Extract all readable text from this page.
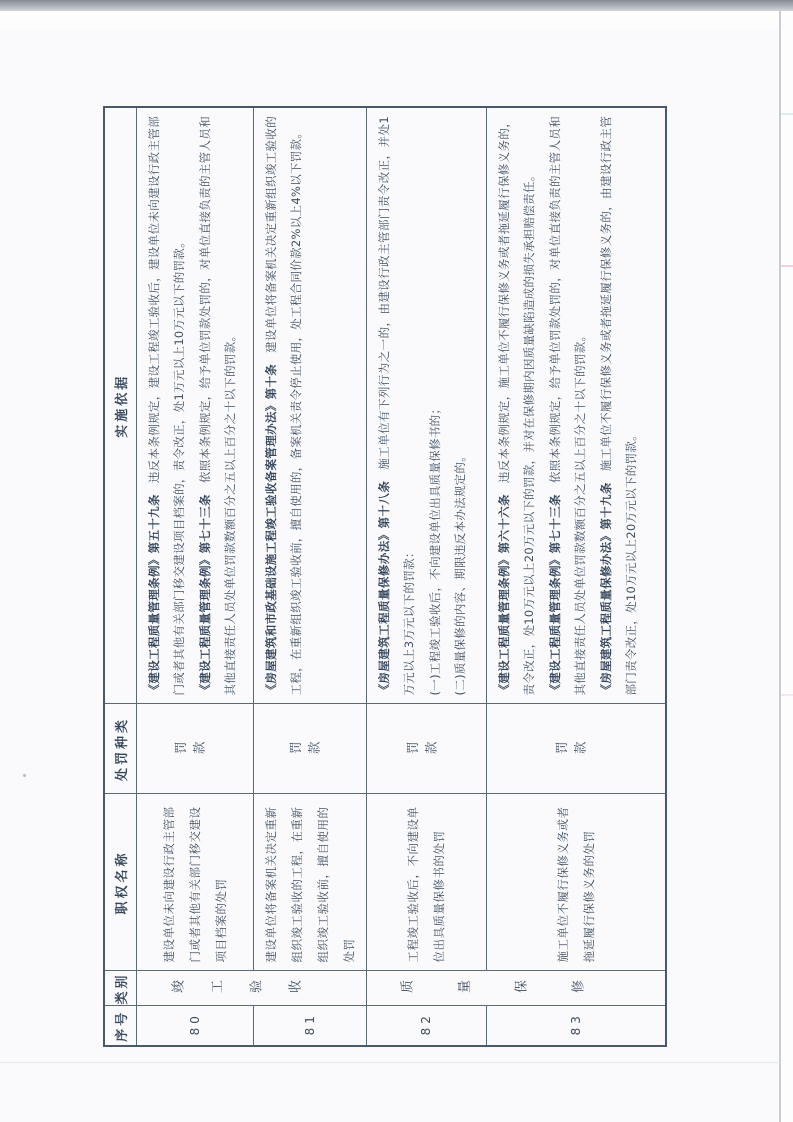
序号	类别	职权名称	处罚种类	实施依据
80	竣工验收	建设单位未向建设行政主管部门或者其他有关部门移交建设项目档案的处罚	罚款	《建设工程质量管理条例》第五十九条违反本条例规定，建设工程竣工验收后，建设单位未向建设行政主管部门或者其他有关部门移交建设项目档案的，责令改正，处1万元以上10万元以下的罚款。 《建设工程质量管理条例》第七十三条依照本条例规定，给予单位罚款处罚的，对单位直接负责的主管人员和其他直接责任人员处单位罚款数额百分之五以上百分之十以下的罚款。

81		建设单位将备案机关决定重新组织竣工验收的工程，在重新组织竣工验收前，擅自使用的处罚	罚款	《房屋建筑和市政基础设施工程竣工验收备案管理办法》第十条建设单位将备案机关决定重新组织竣工验收的工程，在重新组织竣工验收前，擅自使用的，备案机关责令停止使用，处工程合同价款2%以上4%以下罚款。

82	质量保修	工程竣工验收后，不向建设单位出具质量保修书的处罚	罚款	《房屋建筑工程质量保修办法》第十八条施工单位有下列行为之一的，由建设行政主管部门责令改正，并处1万元以上3万元以下的罚款： (一)工程竣工验收后，不向建设单位出具质量保修书的； (二)质量保修的内容、期限违反本办法规定的。

83		施工单位不履行保修义务或者拖延履行保修义务的处罚	罚款	《建设工程质量管理条例》第六十六条违反本条例规定，施工单位不履行保修义务或者拖延履行保修义务的，责令改正，处10万元以上20万元以下的罚款，并对在保修期内因质量缺陷造成的损失承担赔偿责任。 《建设工程质量管理条例》第七十三条依照本条例规定，给予单位罚款处罚的，对单位直接负责的主管人员和其他直接责任人员处单位罚款数额百分之五以上百分之十以下的罚款。 《房屋建筑工程质量保修办法》第十九条施工单位不履行保修义务或者拖延履行保修义务的，由建设行政主管部门责令改正，处10万元以上20万元以下的罚款。
